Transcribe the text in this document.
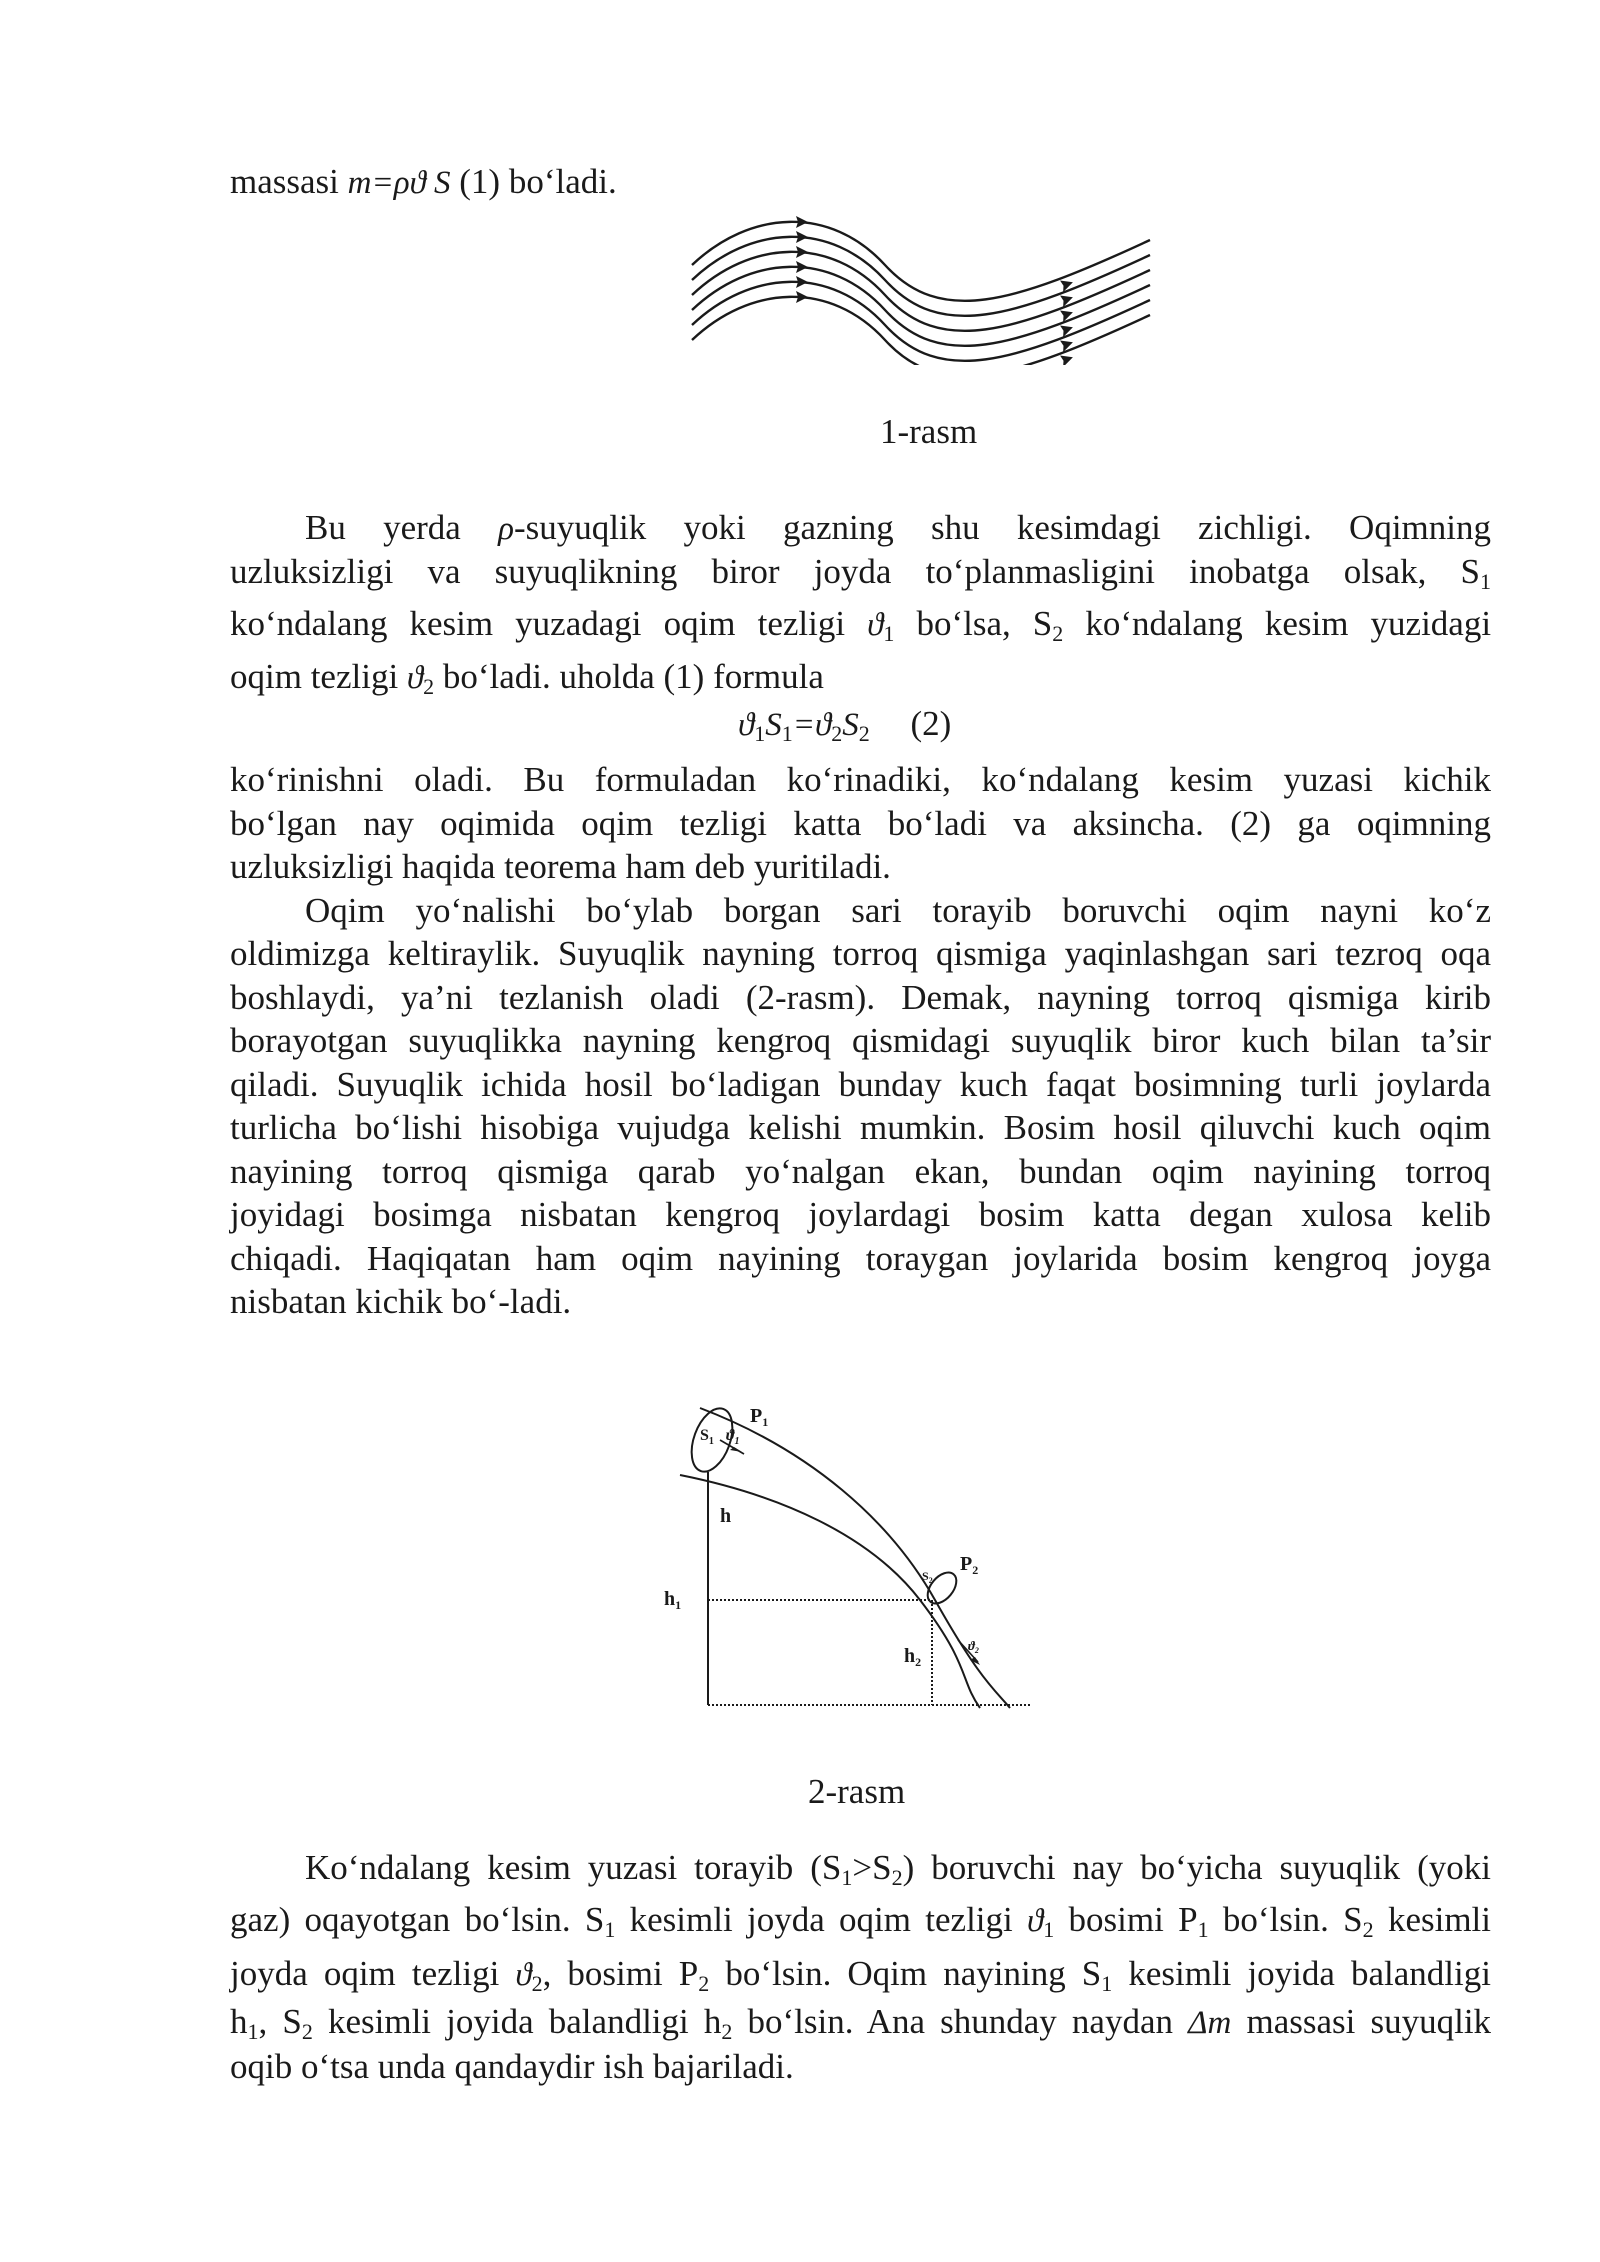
massasi m=ρϑ S (1) bo‘ladi.
1-rasm
Bu yerda ρ-suyuqlik yoki gazning shu kesimdagi zichligi. Oqimning
uzluksizligi va suyuqlikning biror joyda to‘planmasligini inobatga olsak, $S_1$
ko‘ndalang kesim yuzadagi oqim tezligi $ϑ_1$ bo‘lsa, $S_2$ ko‘ndalang kesim yuzidagi
oqim tezligi $ϑ_2$ bo‘ladi. uholda (1) formula
$ϑ_1S_1=ϑ_2S_2$ (2)
ko‘rinishni oladi. Bu formuladan ko‘rinadiki, ko‘ndalang kesim yuzasi kichik
bo‘lgan nay oqimida oqim tezligi katta bo‘ladi va aksincha. (2) ga oqimning
uzluksizligi haqida teorema ham deb yuritiladi.
Oqim yo‘nalishi bo‘ylab borgan sari torayib boruvchi oqim nayni ko‘z
oldimizga keltiraylik. Suyuqlik nayning torroq qismiga yaqinlashgan sari tezroq oqa
boshlaydi, ya’ni tezlanish oladi (2-rasm). Demak, nayning torroq qismiga kirib
borayotgan suyuqlikka nayning kengroq qismidagi suyuqlik biror kuch bilan ta’sir
qiladi. Suyuqlik ichida hosil bo‘ladigan bunday kuch faqat bosimning turli joylarda
turlicha bo‘lishi hisobiga vujudga kelishi mumkin. Bosim hosil qiluvchi kuch oqim
nayining torroq qismiga qarab yo‘nalgan ekan, bundan oqim nayining torroq
joyidagi bosimga nisbatan kengroq joylardagi bosim katta degan xulosa kelib
chiqadi. Haqiqatan ham oqim nayining toraygan joylarida bosim kengroq joyga
nisbatan kichik bo‘-ladi.
$P_1$
$S_1$ $ϑ_1$
h
$h_1$
$P_2$
$S_2$
$h_2$
$ϑ_2$
2-rasm
Ko‘ndalang kesim yuzasi torayib $(S_1>S_2)$ boruvchi nay bo‘yicha suyuqlik (yoki
gaz) oqayotgan bo‘lsin. $S_1$ kesimli joyda oqim tezligi $ϑ_1$ bosimi $P_1$ bo‘lsin. $S_2$ kesimli
joyda oqim tezligi $ϑ_2$, bosimi $P_2$ bo‘lsin. Oqim nayining $S_1$ kesimli joyida balandligi
$h_1$, $S_2$ kesimli joyida balandligi $h_2$ bo‘lsin. Ana shunday naydan Δm massasi suyuqlik
oqib o‘tsa unda qandaydir ish bajariladi.
